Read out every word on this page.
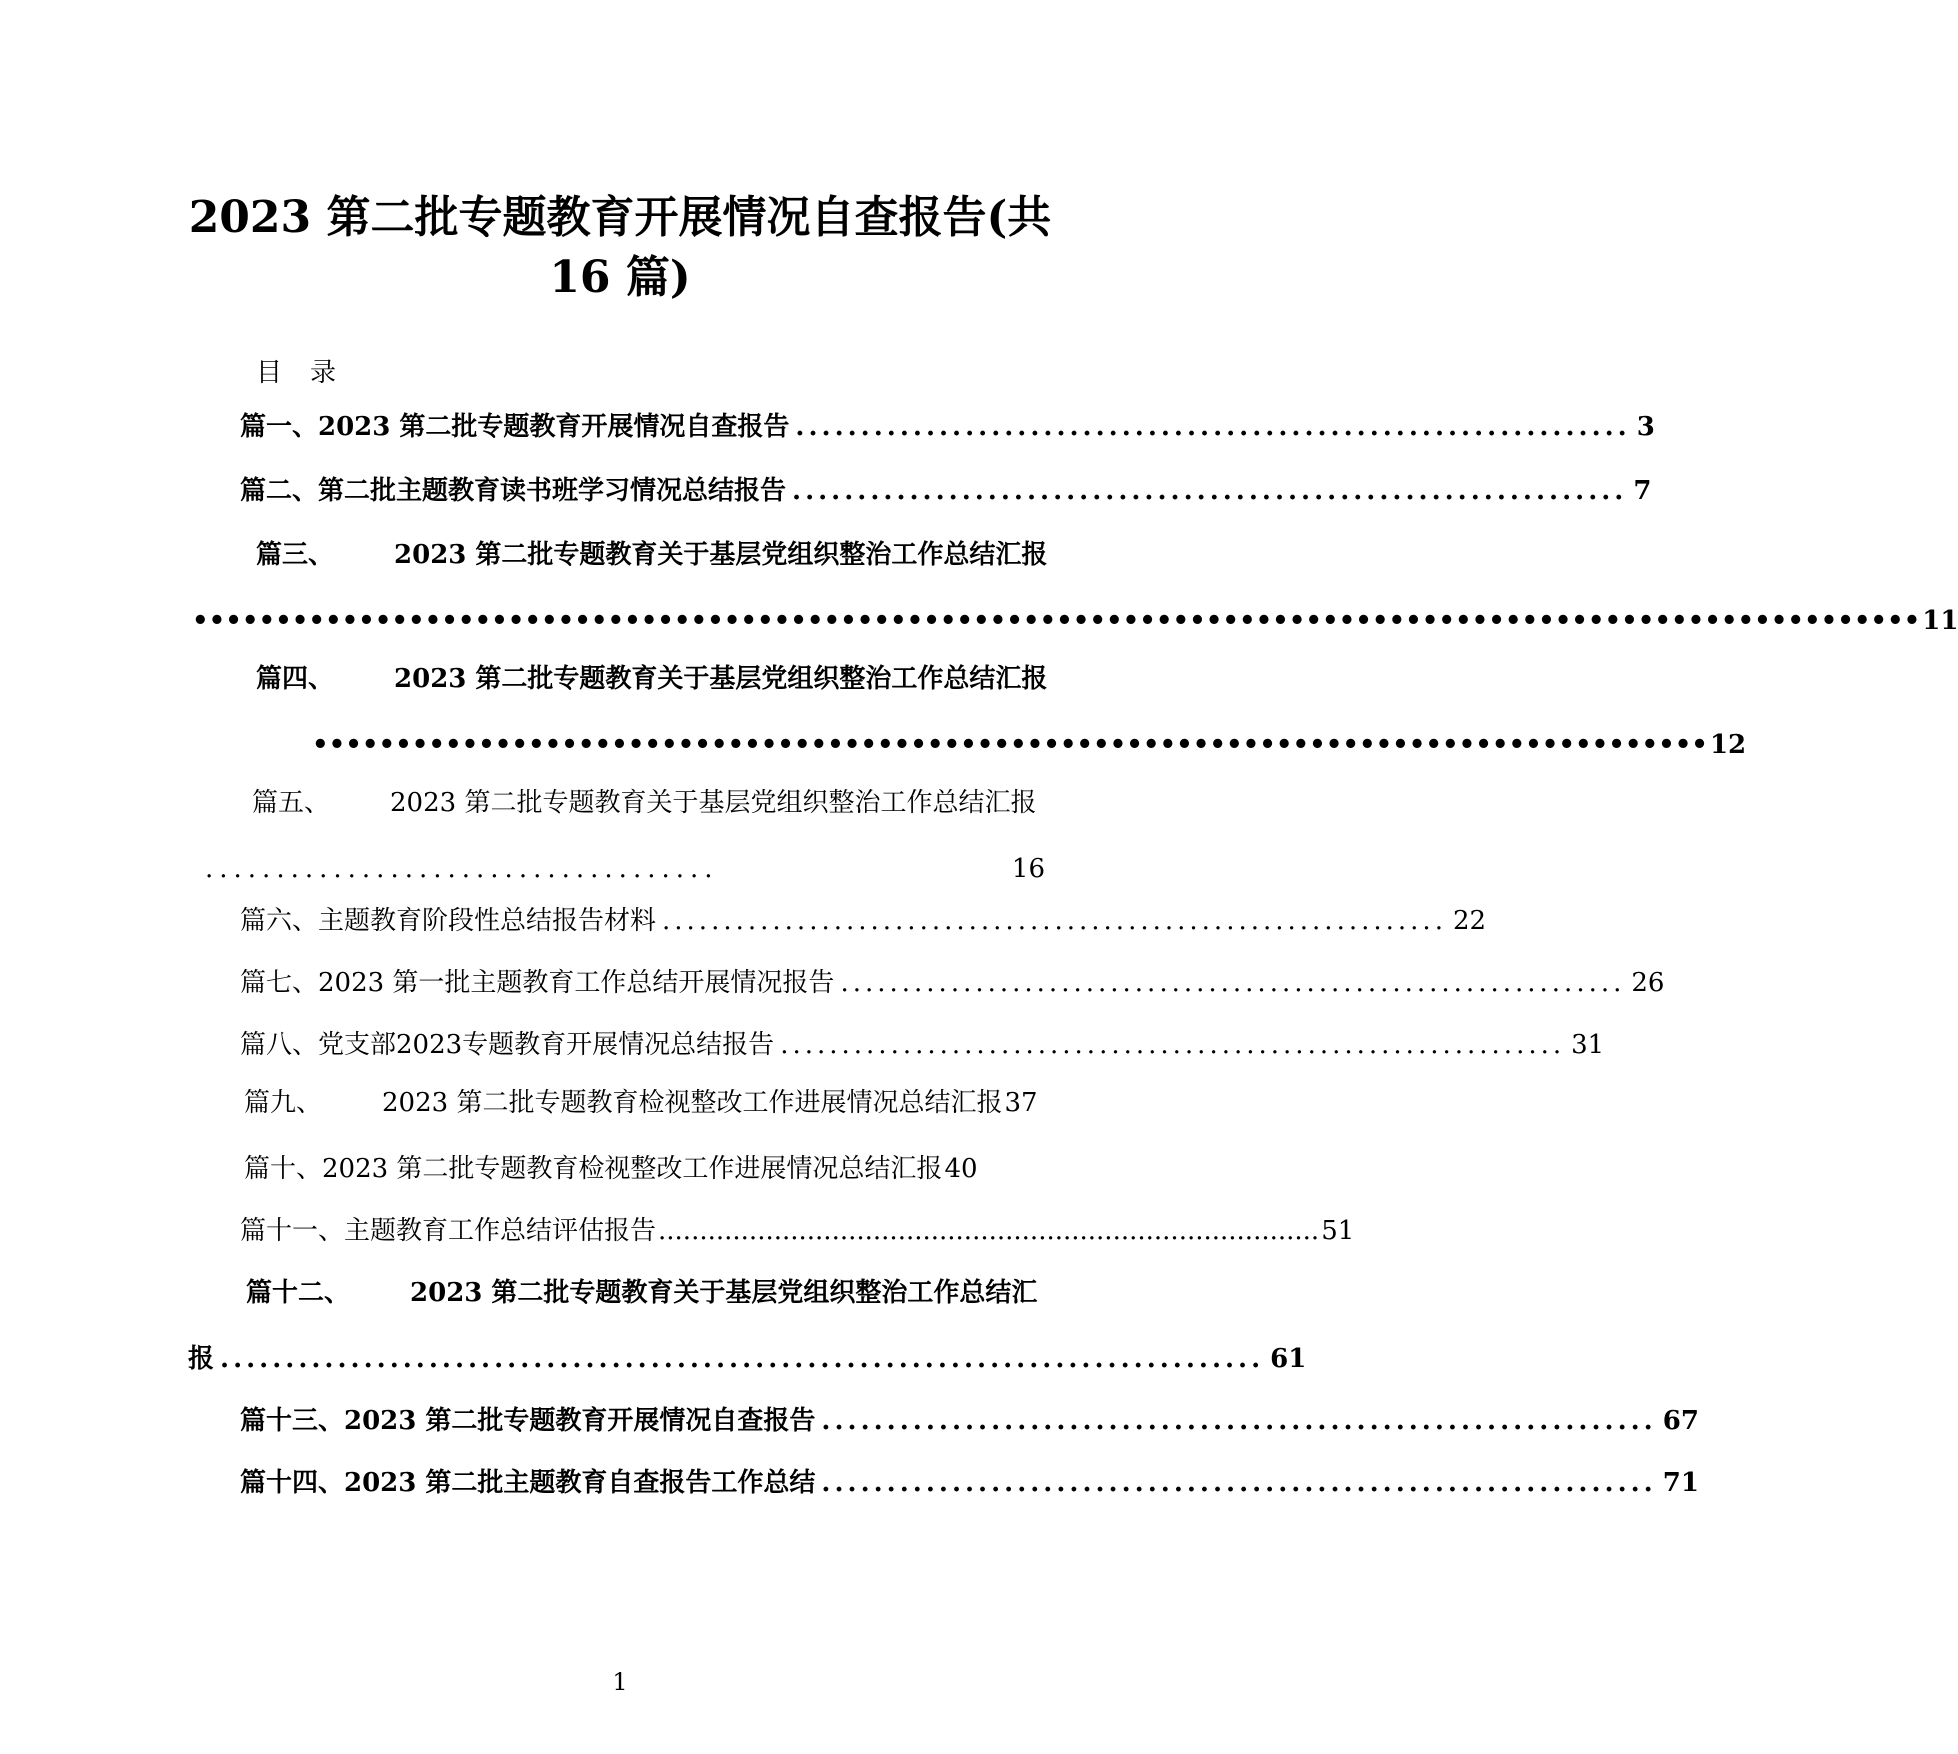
2023 第二批专题教育开展情况自查报告(共
16 篇)
目录
篇一、2023 第二批专题教育开展情况自查报告 ................................................................ 3
篇二、 第二批主题教育读书班学习情况总结报告 ................................................................ 7
篇三、 2023 第二批专题教育关于基层党组织整治工作总结汇报
•••••••••••••••••••••••••••••••••••••••••••••••••••••••••••••••••••••••••••••••••••••••••••••••••••••••• 11
篇四、 2023 第二批专题教育关于基层党组织整治工作总结汇报
•••••••••••••••••••••••••••••••••••••••••••••••••••••••••••••••••••••••••••••••••••• 12
篇五、 2023 第二批专题教育关于基层党组织整治工作总结汇报
....................................	16
篇六、主题教育阶段性总结报告材料 ................................................................ 22
篇七、2023 第一批主题教育工作总结开展情况报告 ................................................................ 26
篇八、 党支部2023专题教育开展情况总结报告 ................................................................ 31
篇九、 2023 第二批专题教育检视整改工作进展情况总结汇报 37
篇十、2023 第二批专题教育检视整改工作进展情况总结汇报 40
篇十一、主题教育工作总结评估报告 ................................................................................ 51
篇十二、 2023 第二批专题教育关于基层党组织整治工作总结汇
报 ................................................................................ 61
篇十三、2023 第二批专题教育开展情况自查报告 ................................................................ 67
篇十四、2023 第二批主题教育自查报告工作总结 ................................................................ 71
1
